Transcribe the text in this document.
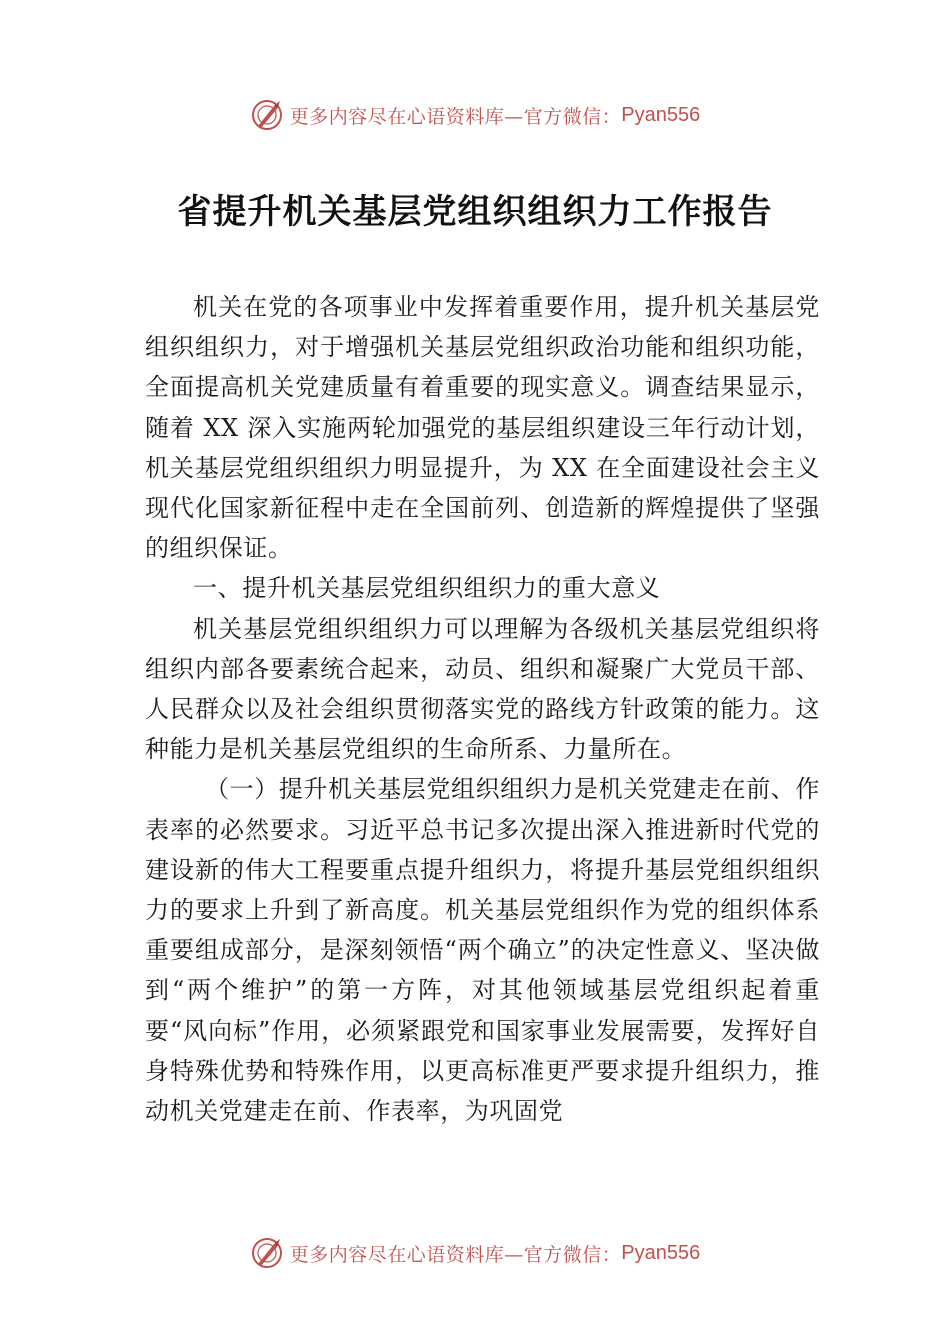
更多内容尽在心语资料库—官方微信： Pyan556
省提升机关基层党组织组织力工作报告

机关在党的各项事业中发挥着重要作用，提升机关基层党组织组织力，对于增强机关基层党组织政治功能和组织功能，全面提高机关党建质量有着重要的现实意义。调查结果显示，随着 XX 深入实施两轮加强党的基层组织建设三年行动计划，机关基层党组织组织力明显提升，为 XX 在全面建设社会主义现代化国家新征程中走在全国前列、创造新的辉煌提供了坚强的组织保证。

一、提升机关基层党组织组织力的重大意义

机关基层党组织组织力可以理解为各级机关基层党组织将组织内部各要素统合起来，动员、组织和凝聚广大党员干部、人民群众以及社会组织贯彻落实党的路线方针政策的能力。这种能力是机关基层党组织的生命所系、力量所在。

（一）提升机关基层党组织组织力是机关党建走在前、作表率的必然要求。习近平总书记多次提出深入推进新时代党的建设新的伟大工程要重点提升组织力，将提升基层党组织组织力的要求上升到了新高度。机关基层党组织作为党的组织体系重要组成部分，是深刻领悟“两个确立”的决定性意义、坚决做到“两个维护”的第一方阵，对其他领域基层党组织起着重要“风向标”作用，必须紧跟党和国家事业发展需要，发挥好自身特殊优势和特殊作用，以更高标准更严要求提升组织力，推动机关党建走在前、作表率，为巩固党

更多内容尽在心语资料库—官方微信： Pyan556
